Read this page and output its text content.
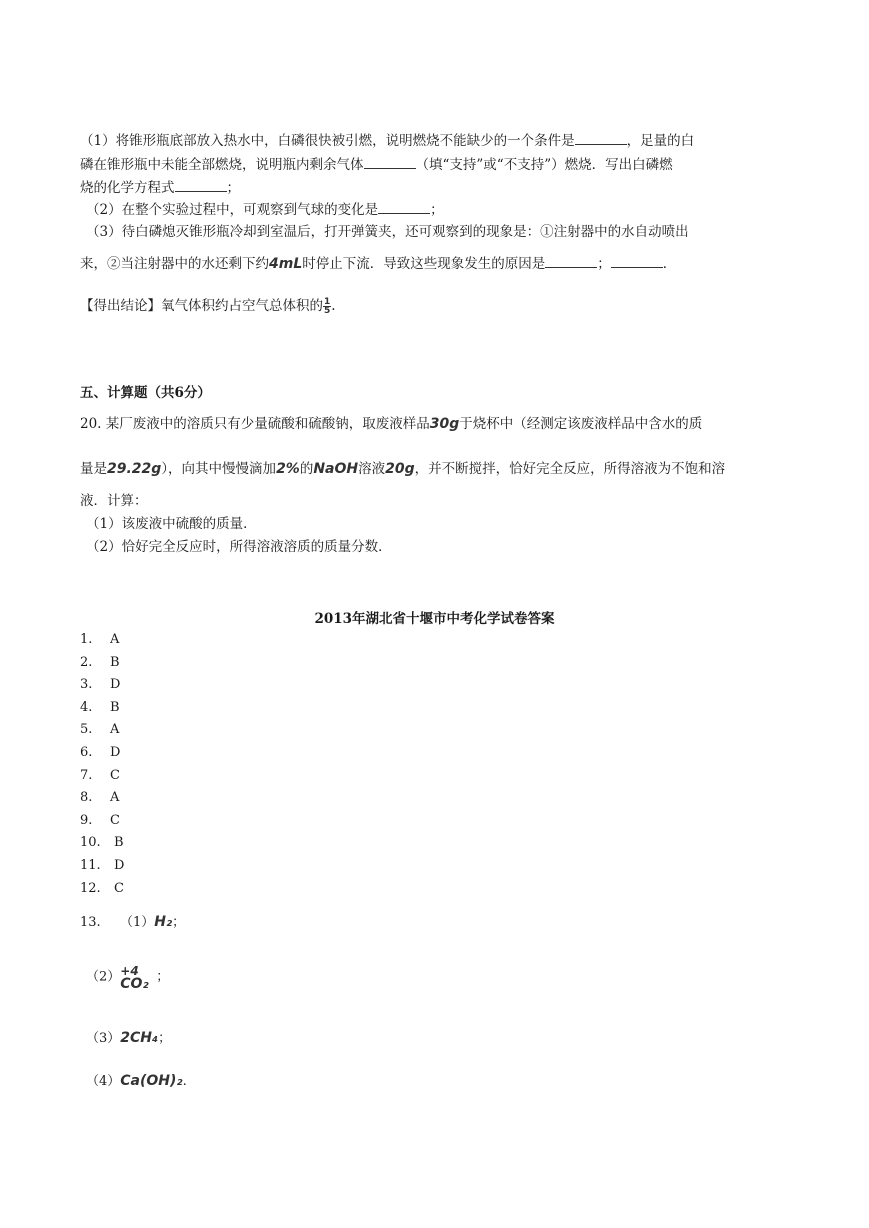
（1）将锥形瓶底部放入热水中，白磷很快被引燃，说明燃烧不能缺少的一个条件是	，足量的白
磷在锥形瓶中未能全部燃烧，说明瓶内剩余气体	（填“支持”或“不支持”）燃烧．写出白磷燃
烧的化学方程式	；
（2）在整个实验过程中，可观察到气球的变化是	；
（3）待白磷熄灭锥形瓶冷却到室温后，打开弹簧夹，还可观察到的现象是：①注射器中的水自动喷出
来，②当注射器中的水还剩下约4mL时停止下流．导致这些现象发生的原因是	；	．
【得出结论】氧气体积约占空气总体积的 $\frac{1}{5}$ .
五、计算题（共6分）
20. 某厂废液中的溶质只有少量硫酸和硫酸钠，取废液样品30g于烧杯中（经测定该废液样品中含水的质
量是29.22g），向其中慢慢滴加2%的NaOH溶液20g，并不断搅拌，恰好完全反应，所得溶液为不饱和溶
液．计算：
（1）该废液中硫酸的质量．
（2）恰好完全反应时，所得溶液溶质的质量分数．
2013年湖北省十堰市中考化学试卷答案
1. A
2. B
3. D
4. B
5. A
6. D
7. C
8. A
9. C
10. B
11. D
12. C
13. （1）H₂；
（2） +4
CO₂ ；
（3）2CH₄；
（4）Ca(OH)₂.
